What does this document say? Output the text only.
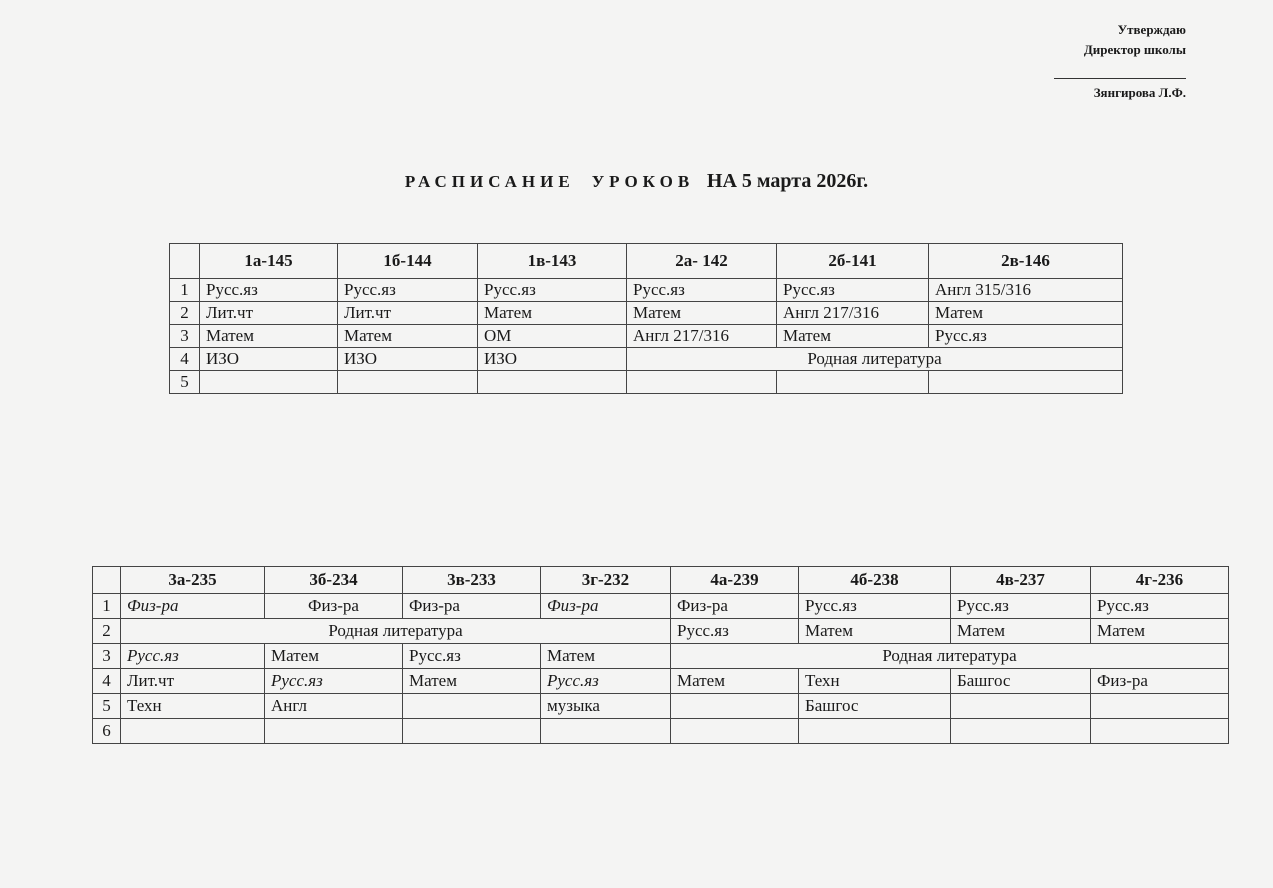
Утверждаю
Директор школы
Зянгирова Л.Ф.
РАСПИСАНИЕ УРОКОВ НА 5 марта 2026г.
	1а-145	1б-144	1в-143	2а- 142	2б-141	2в-146
1	Русс.яз	Русс.яз	Русс.яз	Русс.яз	Русс.яз	Англ 315/316
2	Лит.чт	Лит.чт	Матем	Матем	Англ 217/316	Матем
3	Матем	Матем	ОМ	Англ 217/316	Матем	Русс.яз
4	ИЗО	ИЗО	ИЗО	Родная литература		
5						
	3а-235	3б-234	3в-233	3г-232	4а-239	4б-238	4в-237	4г-236
1	Физ-ра	Физ-ра	Физ-ра	Физ-ра	Физ-ра	Русс.яз	Русс.яз	Русс.яз
2	Родная литература				Русс.яз	Матем	Матем	Матем
3	Русс.яз	Матем	Русс.яз	Матем	Родная литература			
4	Лит.чт	Русс.яз	Матем	Русс.яз	Матем	Техн	Башгос	Физ-ра
5	Техн	Англ		музыка		Башгос		
6								
